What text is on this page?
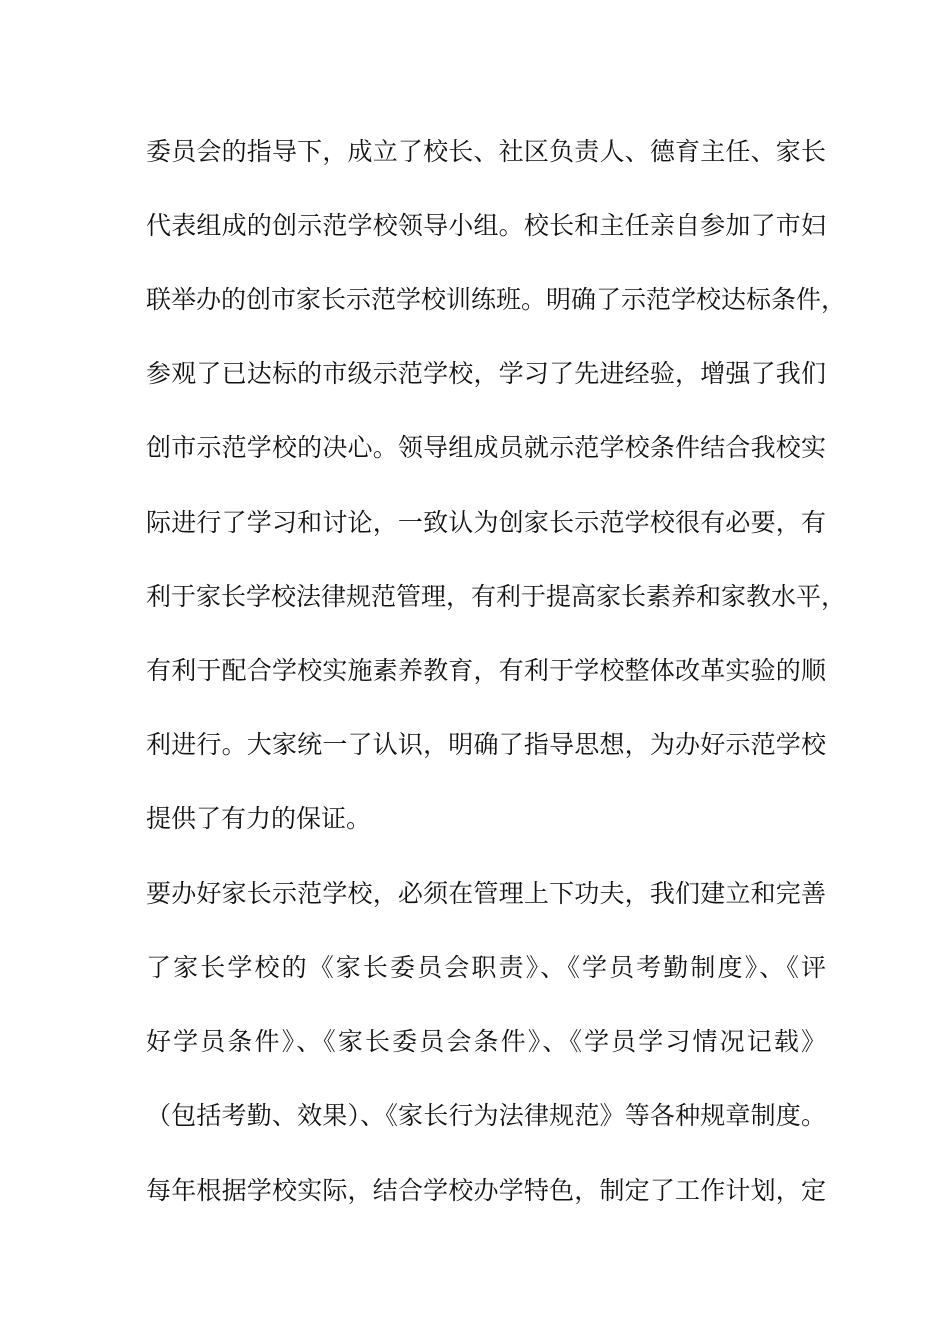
委员会的指导下，成立了校长、社区负责人、德育主任、家长
代表组成的创示范学校领导小组。校长和主任亲自参加了市妇
联举办的创市家长示范学校训练班。明确了示范学校达标条件，
参观了已达标的市级示范学校，学习了先进经验，增强了我们
创市示范学校的决心。领导组成员就示范学校条件结合我校实
际进行了学习和讨论，一致认为创家长示范学校很有必要，有
利于家长学校法律规范管理，有利于提高家长素养和家教水平，
有利于配合学校实施素养教育，有利于学校整体改革实验的顺
利进行。大家统一了认识，明确了指导思想，为办好示范学校
提供了有力的保证。
要办好家长示范学校，必须在管理上下功夫，我们建立和完善
了家长学校的《家长委员会职责》、《学员考勤制度》、《评
好学员条件》、《家长委员会条件》、《学员学习情况记载》
（包括考勤、效果）、《家长行为法律规范》等各种规章制度。
每年根据学校实际，结合学校办学特色，制定了工作计划，定
